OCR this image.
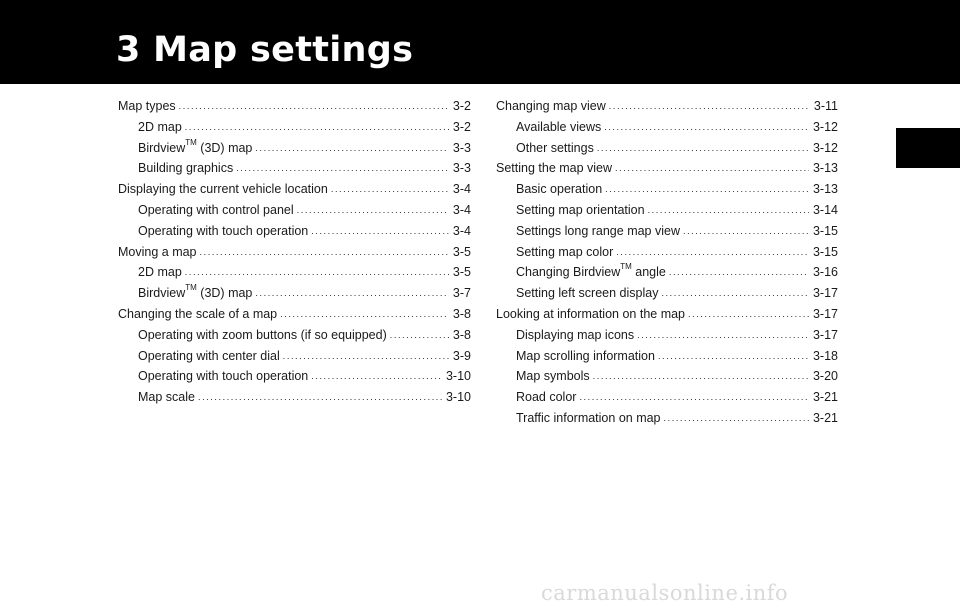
3 Map settings
Map types .....	3-2
2D map .....	3-2
Birdview™ (3D) map .....	3-3
Building graphics .....	3-3
Displaying the current vehicle location .....	3-4
Operating with control panel .....	3-4
Operating with touch operation .....	3-4
Moving a map .....	3-5
2D map .....	3-5
Birdview™ (3D) map .....	3-7
Changing the scale of a map .....	3-8
Operating with zoom buttons (if so equipped) .....	3-8
Operating with center dial .....	3-9
Operating with touch operation .....	3-10
Map scale .....	3-10
Changing map view .....	3-11
Available views .....	3-12
Other settings .....	3-12
Setting the map view .....	3-13
Basic operation .....	3-13
Setting map orientation .....	3-14
Settings long range map view .....	3-15
Setting map color .....	3-15
Changing Birdview™ angle .....	3-16
Setting left screen display .....	3-17
Looking at information on the map .....	3-17
Displaying map icons .....	3-17
Map scrolling information .....	3-18
Map symbols .....	3-20
Road color .....	3-21
Traffic information on map .....	3-21
carmanualsonline.info
